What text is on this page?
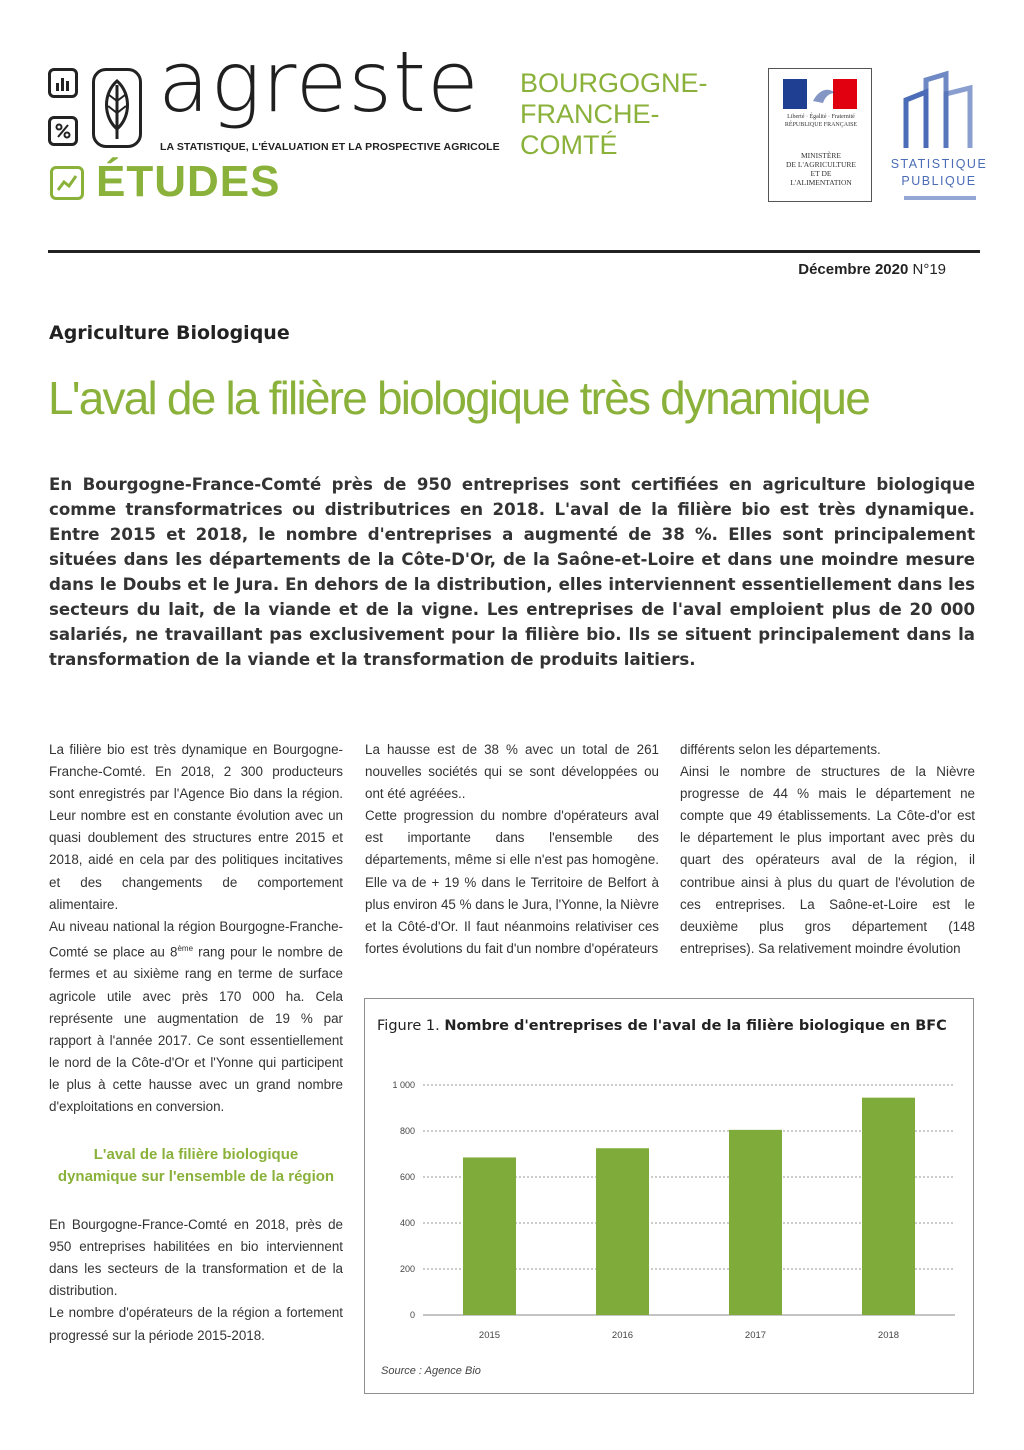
agreste
LA STATISTIQUE, L'ÉVALUATION ET LA PROSPECTIVE AGRICOLE
ÉTUDES
BOURGOGNE-
FRANCHE-
COMTÉ
Liberté · Égalité · Fraternité
RÉPUBLIQUE FRANÇAISE
MINISTÈRE
DE L'AGRICULTURE
ET DE
L'ALIMENTATION
STATISTIQUE
PUBLIQUE
Décembre 2020 N°19
Agriculture Biologique
L'aval de la filière biologique très dynamique
En Bourgogne-France-Comté près de 950 entreprises sont certifiées en agriculture biologique comme transformatrices ou distributrices en 2018. L'aval de la filière bio est très dynamique. Entre 2015 et 2018, le nombre d'entreprises a augmenté de 38 %. Elles sont principalement situées dans les départements de la Côte-D'Or, de la Saône-et-Loire et dans une moindre mesure dans le Doubs et le Jura. En dehors de la distribution, elles interviennent essentiellement dans les secteurs du lait, de la viande et de la vigne. Les entreprises de l'aval emploient plus de 20 000 salariés, ne travaillant pas exclusivement pour la filière bio. Ils se situent principalement dans la transformation de la viande et la transformation de produits laitiers.

La filière bio est très dynamique en Bourgogne-Franche-Comté. En 2018, 2 300 producteurs sont enregistrés par l'Agence Bio dans la région. Leur nombre est en constante évolution avec un quasi doublement des structures entre 2015 et 2018, aidé en cela par des politiques incitatives et des changements de comportement alimentaire.

Au niveau national la région Bourgogne-Franche-Comté se place au 8ème rang pour le nombre de fermes et au sixième rang en terme de surface agricole utile avec près 170 000 ha. Cela représente une augmentation de 19 % par rapport à l'année 2017. Ce sont essentiellement le nord de la Côte-d'Or et l'Yonne qui participent le plus à cette hausse avec un grand nombre d'exploitations en conversion.

L'aval de la filière biologique dynamique sur l'ensemble de la région

En Bourgogne-France-Comté en 2018, près de 950 entreprises habilitées en bio interviennent dans les secteurs de la transformation et de la distribution.

Le nombre d'opérateurs de la région a fortement progressé sur la période 2015-2018.

La hausse est de 38 % avec un total de 261 nouvelles sociétés qui se sont développées ou ont été agréées..

Cette progression du nombre d'opérateurs aval est importante dans l'ensemble des départements, même si elle n'est pas homogène. Elle va de + 19 % dans le Territoire de Belfort à plus environ 45 % dans le Jura, l'Yonne, la Nièvre et la Côté-d'Or. Il faut néanmoins relativiser ces fortes évolutions du fait d'un nombre d'opérateurs

différents selon les départements.

Ainsi le nombre de structures de la Nièvre progresse de 44 % mais le département ne compte que 49 établissements. La Côte-d'or est le département le plus important avec près du quart des opérateurs aval de la région, il contribue ainsi à plus du quart de l'évolution de ces entreprises. La Saône-et-Loire est le deuxième plus gros département (148 entreprises). Sa relativement moindre évolution

0
200
400
600
800
1 000
2015	2016	2017	2018
Figure 1. Nombre d'entreprises de l'aval de la filière biologique en BFC
Source : Agence Bio
